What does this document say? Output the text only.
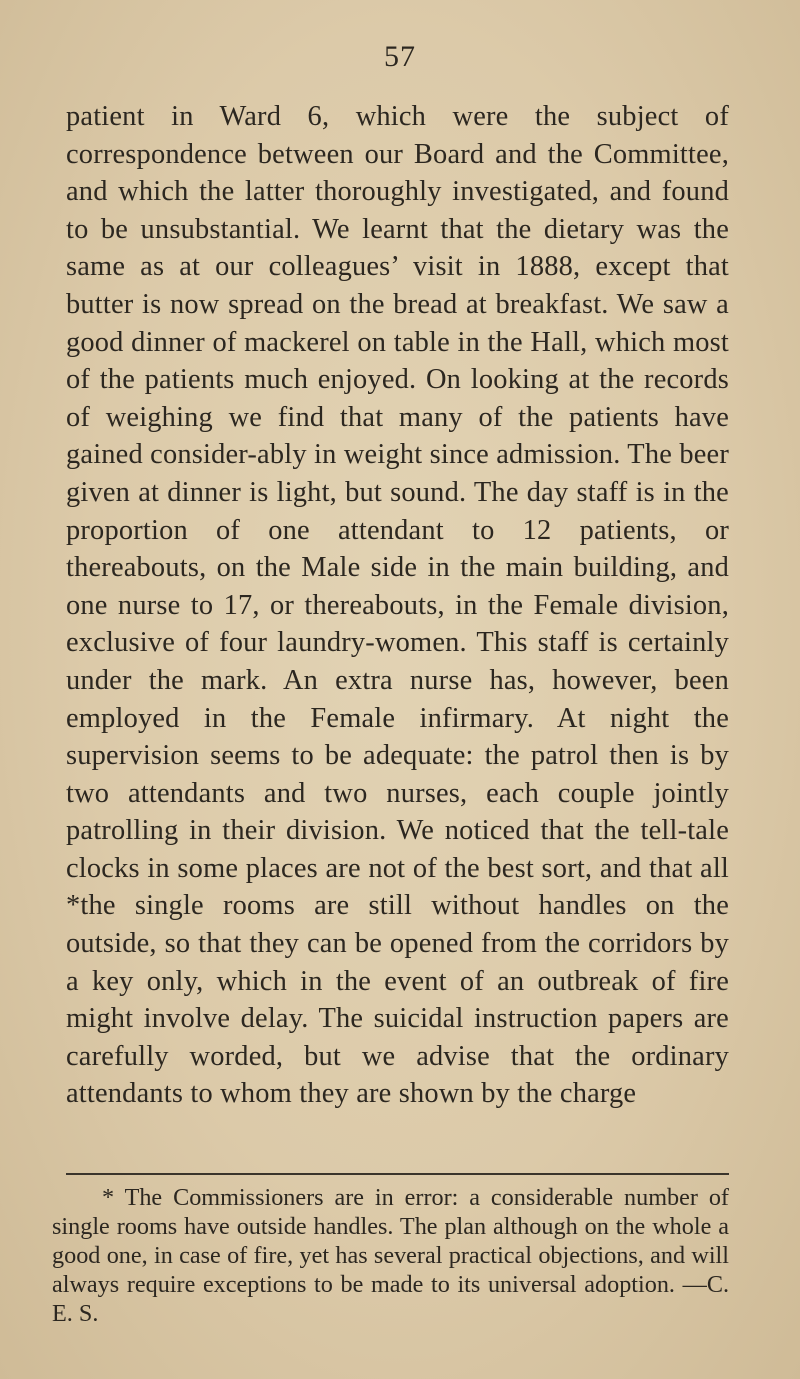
57

patient in Ward 6, which were the subject of correspondence between our Board and the Committee, and which the latter thoroughly investigated, and found to be unsubstantial. We learnt that the dietary was the same as at our colleagues’ visit in 1888, except that butter is now spread on the bread at breakfast. We saw a good dinner of mackerel on table in the Hall, which most of the patients much enjoyed. On looking at the records of weighing we find that many of the patients have gained consider-ably in weight since admission. The beer given at dinner is light, but sound. The day staff is in the proportion of one attendant to 12 patients, or thereabouts, on the Male side in the main building, and one nurse to 17, or thereabouts, in the Female division, exclusive of four laundry-women. This staff is certainly under the mark. An extra nurse has, however, been employed in the Female infirmary. At night the supervision seems to be adequate: the patrol then is by two attendants and two nurses, each couple jointly patrolling in their division. We noticed that the tell-tale clocks in some places are not of the best sort, and that all *the single rooms are still without handles on the outside, so that they can be opened from the corridors by a key only, which in the event of an outbreak of fire might involve delay. The suicidal instruction papers are carefully worded, but we advise that the ordinary attendants to whom they are shown by the charge

* The Commissioners are in error: a considerable number of single rooms have outside handles. The plan although on the whole a good one, in case of fire, yet has several practical objections, and will always require exceptions to be made to its universal adoption. —C. E. S.
